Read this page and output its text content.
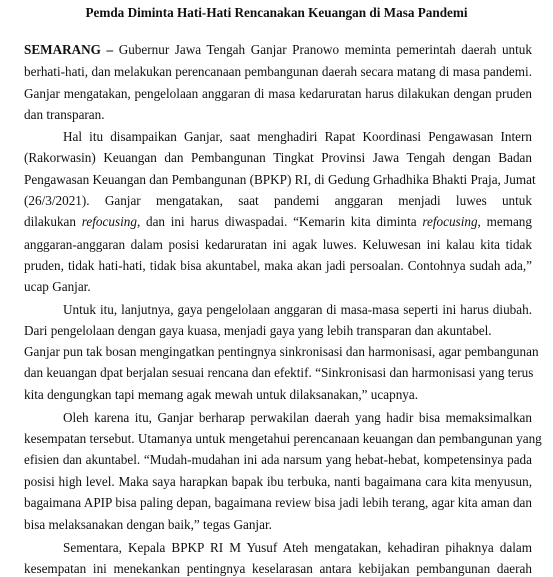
Pemda Diminta Hati-Hati Rencanakan Keuangan di Masa Pandemi
SEMARANG – Gubernur Jawa Tengah Ganjar Pranowo meminta pemerintah daerah untuk
berhati-hati, dan melakukan perencanaan pembangunan daerah secara matang di masa pandemi.
Ganjar mengatakan, pengelolaan anggaran di masa kedaruratan harus dilakukan dengan pruden
dan transparan.
Hal itu disampaikan Ganjar, saat menghadiri Rapat Koordinasi Pengawasan Intern
(Rakorwasin) Keuangan dan Pembangunan Tingkat Provinsi Jawa Tengah dengan Badan
Pengawasan Keuangan dan Pembangunan (BPKP) RI, di Gedung Grhadhika Bhakti Praja, Jumat
(26/3/2021). Ganjar mengatakan, saat pandemi anggaran menjadi luwes untuk
dilakukan refocusing, dan ini harus diwaspadai. “Kemarin kita diminta refocusing, memang
anggaran-anggaran dalam posisi kedaruratan ini agak luwes. Keluwesan ini kalau kita tidak
pruden, tidak hati-hati, tidak bisa akuntabel, maka akan jadi persoalan. Contohnya sudah ada,”
ucap Ganjar.
Untuk itu, lanjutnya, gaya pengelolaan anggaran di masa-masa seperti ini harus diubah.
Dari pengelolaan dengan gaya kuasa, menjadi gaya yang lebih transparan dan akuntabel.
Ganjar pun tak bosan mengingatkan pentingnya sinkronisasi dan harmonisasi, agar pembangunan
dan keuangan dpat berjalan sesuai rencana dan efektif. “Sinkronisasi dan harmonisasi yang terus
kita dengungkan tapi memang agak mewah untuk dilaksanakan,” ucapnya.
Oleh karena itu, Ganjar berharap perwakilan daerah yang hadir bisa memaksimalkan
kesempatan tersebut. Utamanya untuk mengetahui perencanaan keuangan dan pembangunan yang
efisien dan akuntabel. “Mudah-mudahan ini ada narsum yang hebat-hebat, kompetensinya pada
posisi high level. Maka saya harapkan bapak ibu terbuka, nanti bagaimana cara kita menyusun,
bagaimana APIP bisa paling depan, bagaimana review bisa jadi lebih terang, agar kita aman dan
bisa melaksanakan dengan baik,” tegas Ganjar.
Sementara, Kepala BPKP RI M Yusuf Ateh mengatakan, kehadiran pihaknya dalam
kesempatan ini menekankan pentingnya keselarasan antara kebijakan pembangunan daerah
